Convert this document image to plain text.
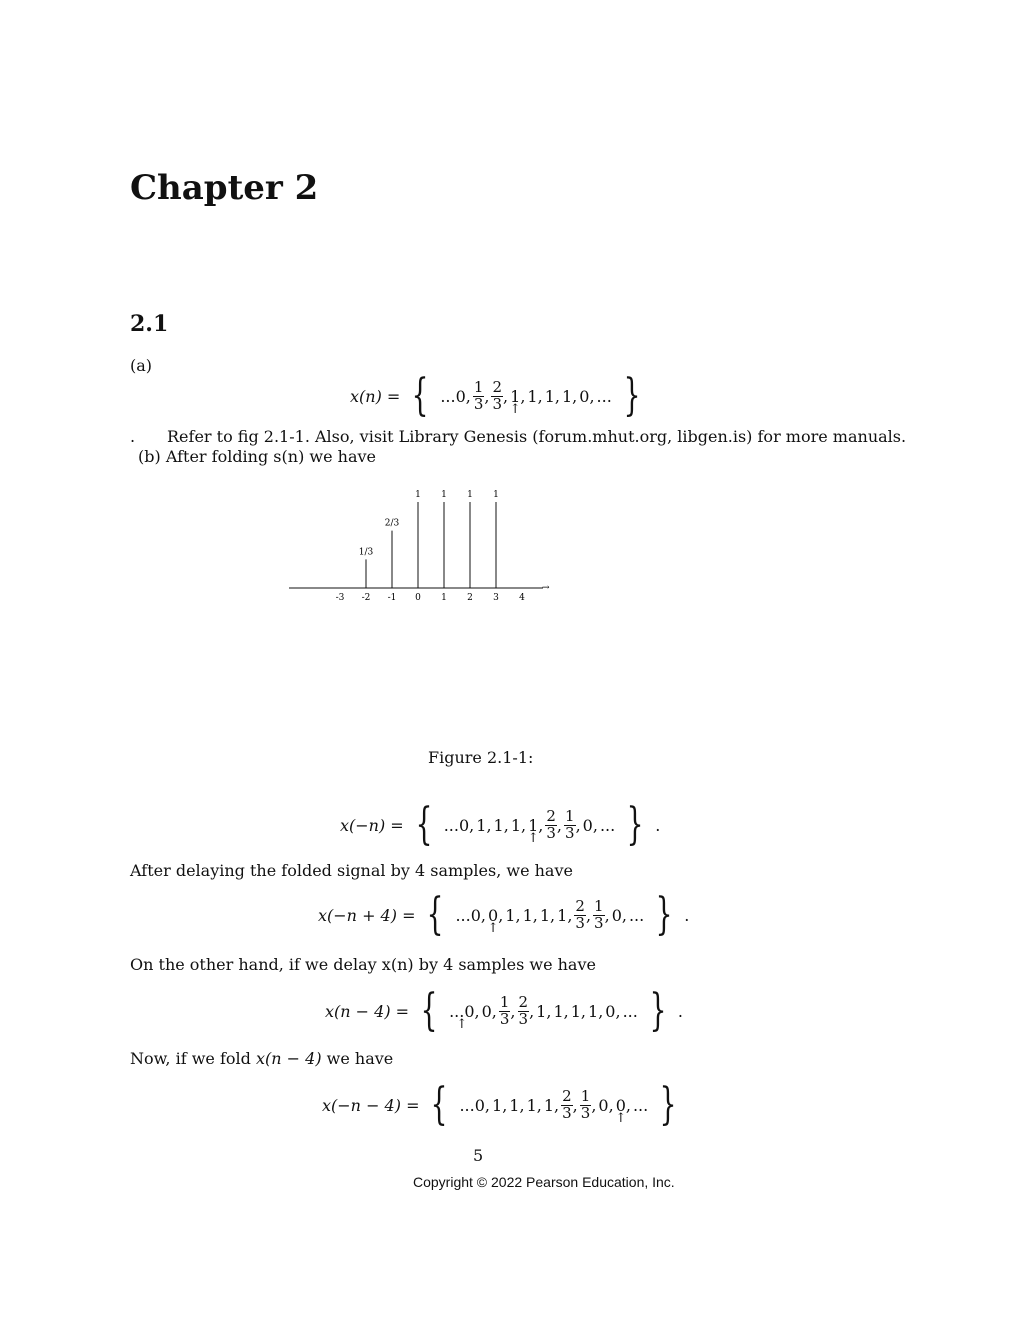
Chapter 2
2.1
(a)
x(n) = { ...0 , $\frac{1}{3}$ , $\frac{2}{3}$ , 1
↑
, 1 , 1 , 1 , 0 , ... }
. Refer to fig 2.1-1. Also, visit Library Genesis (forum.mhut.org, libgen.is) for more manuals.
(b) After folding s(n) we have
→
1/3
2/3
1 1 1 1
-3 -2 -1 0 1 2 3 4
Figure 2.1-1:
x(−n) = { ...0 , 1 , 1 , 1 , 1
↑
, $\frac{2}{3}$ , $\frac{1}{3}$ , 0 , ... } .
After delaying the folded signal by 4 samples, we have
x(−n + 4) = { ...0 , 0
↑
, 1 , 1 , 1 , 1 , $\frac{2}{3}$ , $\frac{1}{3}$ , 0 , ... } .
On the other hand, if we delay x(n) by 4 samples we have
x(n − 4) = { ...0
↑
, 0 , $\frac{1}{3}$ , $\frac{2}{3}$ , 1 , 1 , 1 , 1 , 0 , ... } .
Now, if we fold x(n − 4) we have
x(−n − 4) = { ...0 , 1 , 1 , 1 , 1 , $\frac{2}{3}$ , $\frac{1}{3}$ , 0 , 0
↑
, ... }
5
Copyright © 2022 Pearson Education, Inc.
